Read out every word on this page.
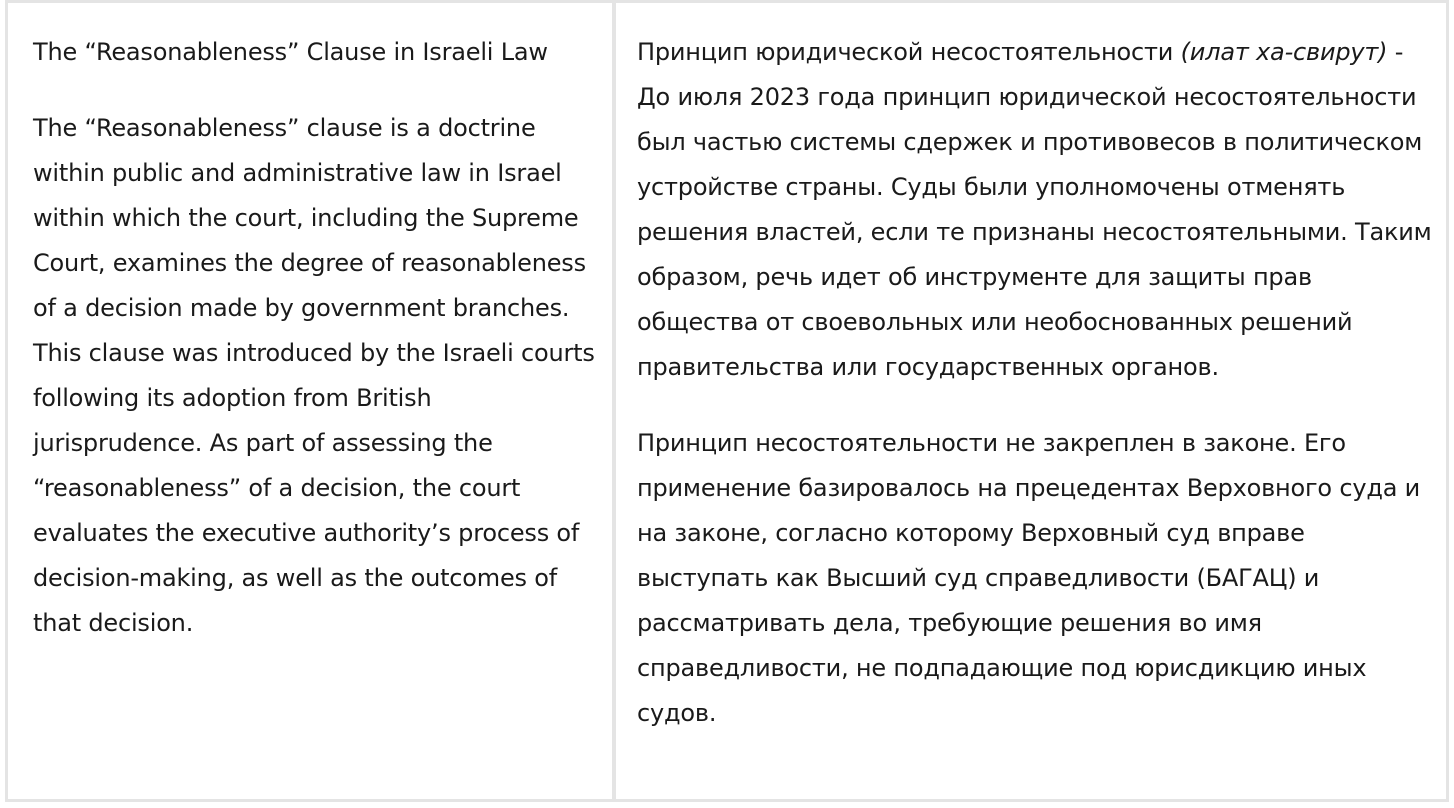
The “Reasonableness” Clause in Israeli Law

The “Reasonableness” clause is a doctrine within public and administrative law in Israel within which the court, including the Supreme Court, examines the degree of reasonableness of a decision made by government branches. This clause was introduced by the Israeli courts following its adoption from British jurisprudence. As part of assessing the “reasonableness” of a decision, the court evaluates the executive authority’s process of decision-making, as well as the outcomes of that decision.

Принцип юридической несостоятельности (илат ха-свирут) - До июля 2023 года принцип юридической несостоятельности был частью системы сдержек и противовесов в политическом устройстве страны. Суды были уполномочены отменять решения властей, если те признаны несостоятельными. Таким образом, речь идет об инструменте для защиты прав общества от своевольных или необоснованных решений правительства или государственных органов.

Принцип несостоятельности не закреплен в законе. Его применение базировалось на прецедентах Верховного суда и на законе, согласно которому Верховный суд вправе выступать как Высший суд справедливости (БАГАЦ) и рассматривать дела, требующие решения во имя справедливости, не подпадающие под юрисдикцию иных судов.
